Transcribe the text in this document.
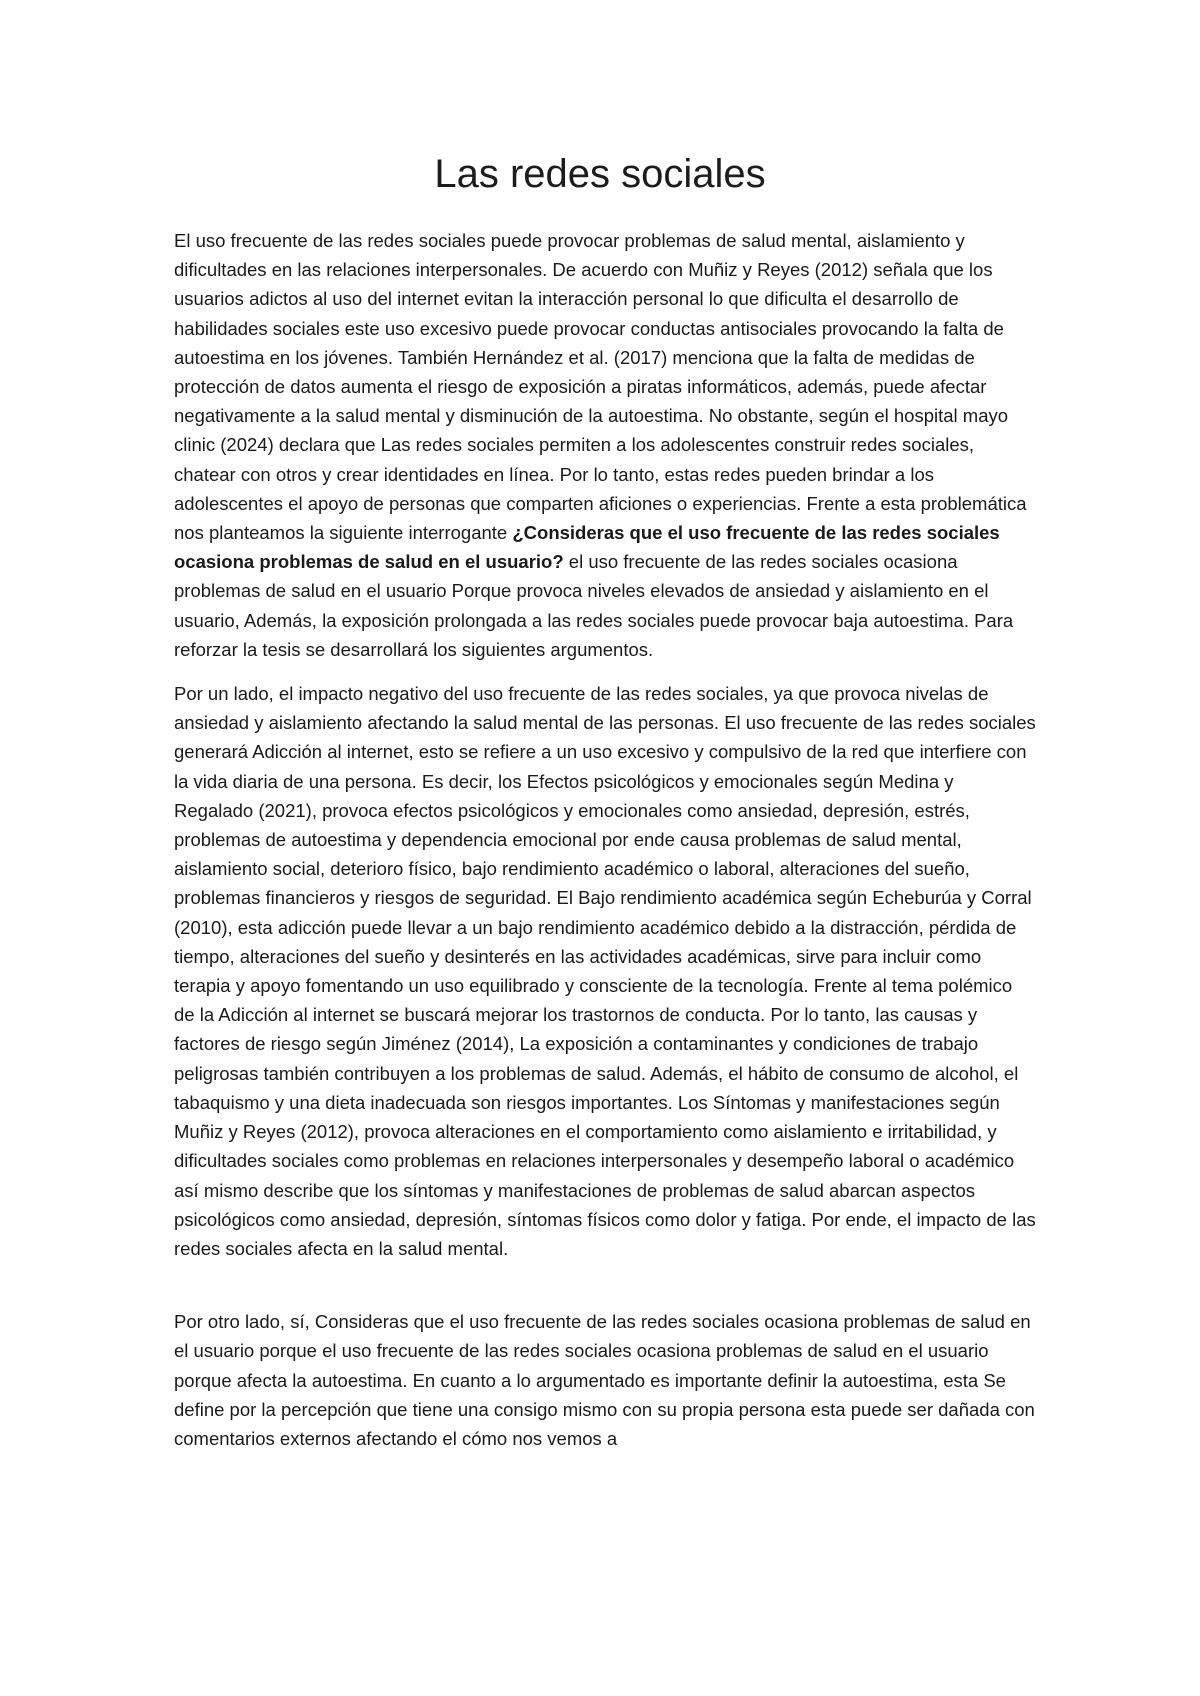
Las redes sociales

El uso frecuente de las redes sociales puede provocar problemas de salud mental, aislamiento y dificultades en las relaciones interpersonales. De acuerdo con Muñiz y Reyes (2012) señala que los usuarios adictos al uso del internet evitan la interacción personal lo que dificulta el desarrollo de habilidades sociales este uso excesivo puede provocar conductas antisociales provocando la falta de autoestima en los jóvenes. También Hernández et al. (2017) menciona que la falta de medidas de protección de datos aumenta el riesgo de exposición a piratas informáticos, además, puede afectar negativamente a la salud mental y disminución de la autoestima. No obstante, según el hospital mayo clinic (2024) declara que Las redes sociales permiten a los adolescentes construir redes sociales, chatear con otros y crear identidades en línea. Por lo tanto, estas redes pueden brindar a los adolescentes el apoyo de personas que comparten aficiones o experiencias. Frente a esta problemática nos planteamos la siguiente interrogante ¿Consideras que el uso frecuente de las redes sociales ocasiona problemas de salud en el usuario? el uso frecuente de las redes sociales ocasiona problemas de salud en el usuario Porque provoca niveles elevados de ansiedad y aislamiento en el usuario, Además, la exposición prolongada a las redes sociales puede provocar baja autoestima. Para reforzar la tesis se desarrollará los siguientes argumentos.

Por un lado, el impacto negativo del uso frecuente de las redes sociales, ya que provoca nivelas de ansiedad y aislamiento afectando la salud mental de las personas. El uso frecuente de las redes sociales generará Adicción al internet, esto se refiere a un uso excesivo y compulsivo de la red que interfiere con la vida diaria de una persona. Es decir, los Efectos psicológicos y emocionales según Medina y Regalado (2021), provoca efectos psicológicos y emocionales como ansiedad, depresión, estrés, problemas de autoestima y dependencia emocional por ende causa problemas de salud mental, aislamiento social, deterioro físico, bajo rendimiento académico o laboral, alteraciones del sueño, problemas financieros y riesgos de seguridad. El Bajo rendimiento académica según Echeburúa y Corral (2010), esta adicción puede llevar a un bajo rendimiento académico debido a la distracción, pérdida de tiempo, alteraciones del sueño y desinterés en las actividades académicas, sirve para incluir como terapia y apoyo fomentando un uso equilibrado y consciente de la tecnología. Frente al tema polémico de la Adicción al internet se buscará mejorar los trastornos de conducta. Por lo tanto, las causas y factores de riesgo según Jiménez (2014), La exposición a contaminantes y condiciones de trabajo peligrosas también contribuyen a los problemas de salud. Además, el hábito de consumo de alcohol, el tabaquismo y una dieta inadecuada son riesgos importantes. Los Síntomas y manifestaciones según Muñiz y Reyes (2012), provoca alteraciones en el comportamiento como aislamiento e irritabilidad, y dificultades sociales como problemas en relaciones interpersonales y desempeño laboral o académico así mismo describe que los síntomas y manifestaciones de problemas de salud abarcan aspectos psicológicos como ansiedad, depresión, síntomas físicos como dolor y fatiga. Por ende, el impacto de las redes sociales afecta en la salud mental.

Por otro lado, sí, Consideras que el uso frecuente de las redes sociales ocasiona problemas de salud en el usuario porque el uso frecuente de las redes sociales ocasiona problemas de salud en el usuario porque afecta la autoestima. En cuanto a lo argumentado es importante definir la autoestima, esta Se define por la percepción que tiene una consigo mismo con su propia persona esta puede ser dañada con comentarios externos afectando el cómo nos vemos a
